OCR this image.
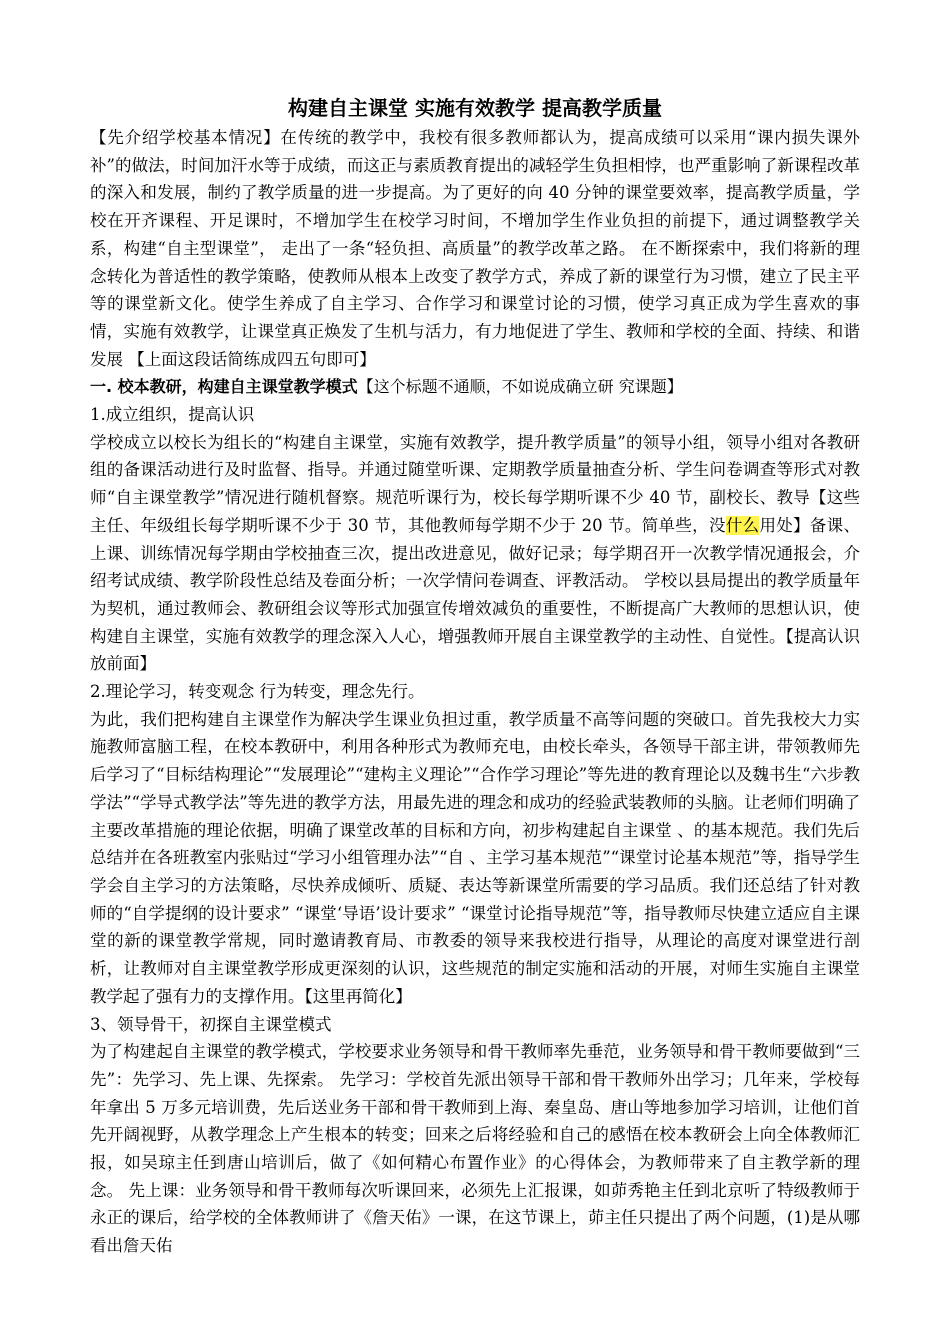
构建自主课堂 实施有效教学 提高教学质量

【先介绍学校基本情况】在传统的教学中，我校有很多教师都认为，提高成绩可以采用“课内损失课外补”的做法，时间加汗水等于成绩，而这正与素质教育提出的减轻学生负担相悖，也严重影响了新课程改革的深入和发展，制约了教学质量的进一步提高。为了更好的向 40 分钟的课堂要效率，提高教学质量，学校在开齐课程、开足课时，不增加学生在校学习时间，不增加学生作业负担的前提下，通过调整教学关系，构建“自主型课堂”， 走出了一条“轻负担、高质量”的教学改革之路。 在不断探索中，我们将新的理念转化为普适性的教学策略，使教师从根本上改变了教学方式，养成了新的课堂行为习惯，建立了民主平等的课堂新文化。使学生养成了自主学习、合作学习和课堂讨论的习惯，使学习真正成为学生喜欢的事情，实施有效教学，让课堂真正焕发了生机与活力，有力地促进了学生、教师和学校的全面、持续、和谐发展 【上面这段话简练成四五句即可】

一. 校本教研，构建自主课堂教学模式【这个标题不通顺，不如说成确立研 究课题】

1.成立组织，提高认识

学校成立以校长为组长的“构建自主课堂，实施有效教学，提升教学质量”的领导小组，领导小组对各教研组的备课活动进行及时监督、指导。并通过随堂听课、定期教学质量抽查分析、学生问卷调查等形式对教师“自主课堂教学”情况进行随机督察。规范听课行为，校长每学期听课不少 40 节，副校长、教导【这些主任、年级组长每学期听课不少于 30 节，其他教师每学期不少于 20 节。简单些，没什么用处】备课、上课、训练情况每学期由学校抽查三次，提出改进意见，做好记录；每学期召开一次教学情况通报会，介绍考试成绩、教学阶段性总结及卷面分析；一次学情问卷调查、评教活动。 学校以县局提出的教学质量年为契机，通过教师会、教研组会议等形式加强宣传增效减负的重要性，不断提高广大教师的思想认识，使构建自主课堂，实施有效教学的理念深入人心，增强教师开展自主课堂教学的主动性、自觉性。【提高认识放前面】

2.理论学习，转变观念 行为转变，理念先行。

为此，我们把构建自主课堂作为解决学生课业负担过重，教学质量不高等问题的突破口。首先我校大力实施教师富脑工程，在校本教研中，利用各种形式为教师充电，由校长牵头，各领导干部主讲，带领教师先后学习了“目标结构理论”“发展理论”“建构主义理论”“合作学习理论”等先进的教育理论以及魏书生“六步教学法”“学导式教学法”等先进的教学方法，用最先进的理念和成功的经验武装教师的头脑。让老师们明确了主要改革措施的理论依据，明确了课堂改革的目标和方向，初步构建起自主课堂 、的基本规范。我们先后总结并在各班教室内张贴过“学习小组管理办法”“自 、主学习基本规范”“课堂讨论基本规范”等，指导学生学会自主学习的方法策略，尽快养成倾听、质疑、表达等新课堂所需要的学习品质。我们还总结了针对教师的“自学提纲的设计要求” “课堂‘导语’设计要求” “课堂讨论指导规范”等，指导教师尽快建立适应自主课堂的新的课堂教学常规，同时邀请教育局、市教委的领导来我校进行指导，从理论的高度对课堂进行剖析，让教师对自主课堂教学形成更深刻的认识，这些规范的制定实施和活动的开展，对师生实施自主课堂教学起了强有力的支撑作用。【这里再简化】

3、领导骨干，初探自主课堂模式

为了构建起自主课堂的教学模式，学校要求业务领导和骨干教师率先垂范，业务领导和骨干教师要做到“三先”：先学习、先上课、先探索。 先学习：学校首先派出领导干部和骨干教师外出学习；几年来，学校每年拿出 5 万多元培训费，先后送业务干部和骨干教师到上海、秦皇岛、唐山等地参加学习培训，让他们首先开阔视野，从教学理念上产生根本的转变；回来之后将经验和自己的感悟在校本教研会上向全体教师汇报，如吴琼主任到唐山培训后，做了《如何精心布置作业》的心得体会，为教师带来了自主教学新的理念。 先上课：业务领导和骨干教师每次听课回来，必须先上汇报课，如茆秀艳主任到北京听了特级教师于永正的课后，给学校的全体教师讲了《詹天佑》一课，在这节课上，茆主任只提出了两个问题，(1)是从哪看出詹天佑
